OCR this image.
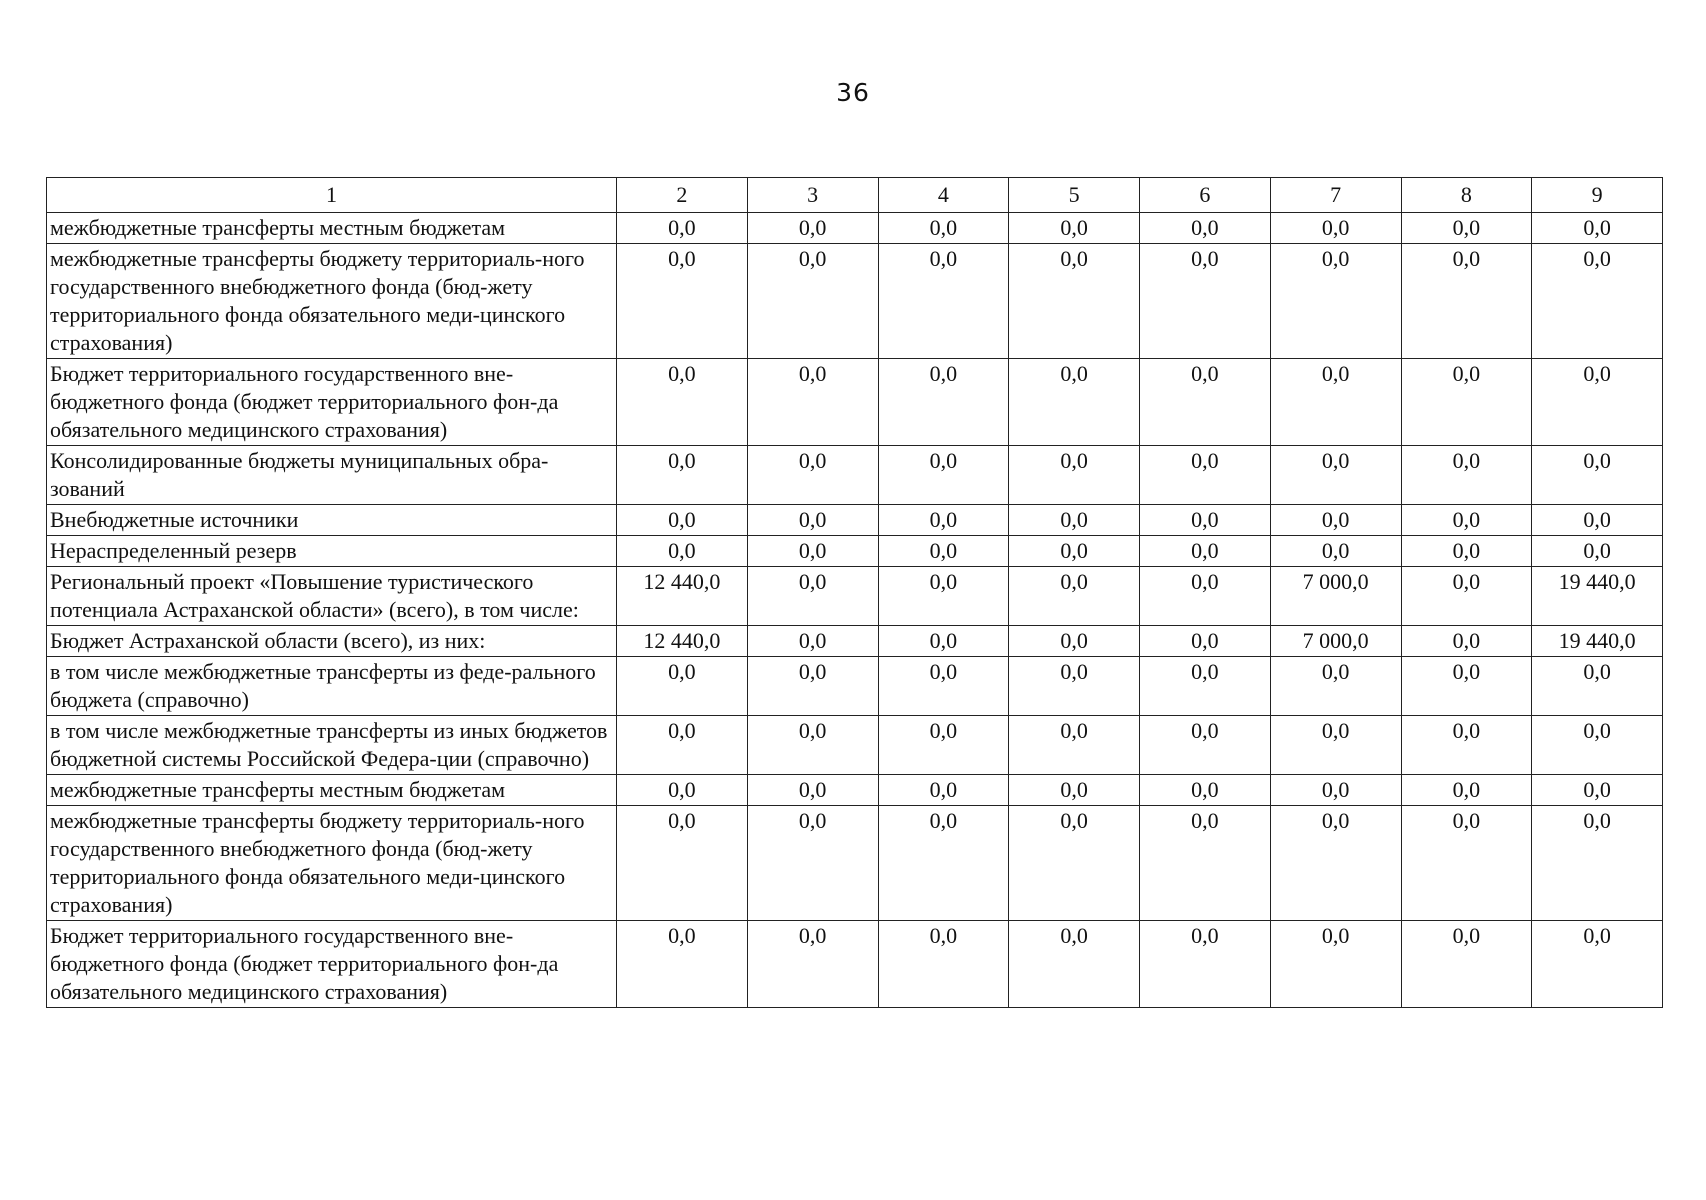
36
1	2	3	4	5	6	7	8	9
межбюджетные трансферты местным бюджетам	0,0	0,0	0,0	0,0	0,0	0,0	0,0	0,0
межбюджетные трансферты бюджету территориаль-ного государственного внебюджетного фонда (бюд-жету территориального фонда обязательного меди-цинского страхования)	0,0	0,0	0,0	0,0	0,0	0,0	0,0	0,0
Бюджет территориального государственного вне-бюджетного фонда (бюджет территориального фон-да обязательного медицинского страхования)	0,0	0,0	0,0	0,0	0,0	0,0	0,0	0,0
Консолидированные бюджеты муниципальных обра-зований	0,0	0,0	0,0	0,0	0,0	0,0	0,0	0,0
Внебюджетные источники	0,0	0,0	0,0	0,0	0,0	0,0	0,0	0,0
Нераспределенный резерв	0,0	0,0	0,0	0,0	0,0	0,0	0,0	0,0
Региональный проект «Повышение туристического потенциала Астраханской области» (всего), в том числе:	12 440,0	0,0	0,0	0,0	0,0	7 000,0	0,0	19 440,0
Бюджет Астраханской области (всего), из них:	12 440,0	0,0	0,0	0,0	0,0	7 000,0	0,0	19 440,0
в том числе межбюджетные трансферты из феде-рального бюджета (справочно)	0,0	0,0	0,0	0,0	0,0	0,0	0,0	0,0
в том числе межбюджетные трансферты из иных бюджетов бюджетной системы Российской Федера-ции (справочно)	0,0	0,0	0,0	0,0	0,0	0,0	0,0	0,0
межбюджетные трансферты местным бюджетам	0,0	0,0	0,0	0,0	0,0	0,0	0,0	0,0
межбюджетные трансферты бюджету территориаль-ного государственного внебюджетного фонда (бюд-жету территориального фонда обязательного меди-цинского страхования)	0,0	0,0	0,0	0,0	0,0	0,0	0,0	0,0
Бюджет территориального государственного вне-бюджетного фонда (бюджет территориального фон-да обязательного медицинского страхования)	0,0	0,0	0,0	0,0	0,0	0,0	0,0	0,0
